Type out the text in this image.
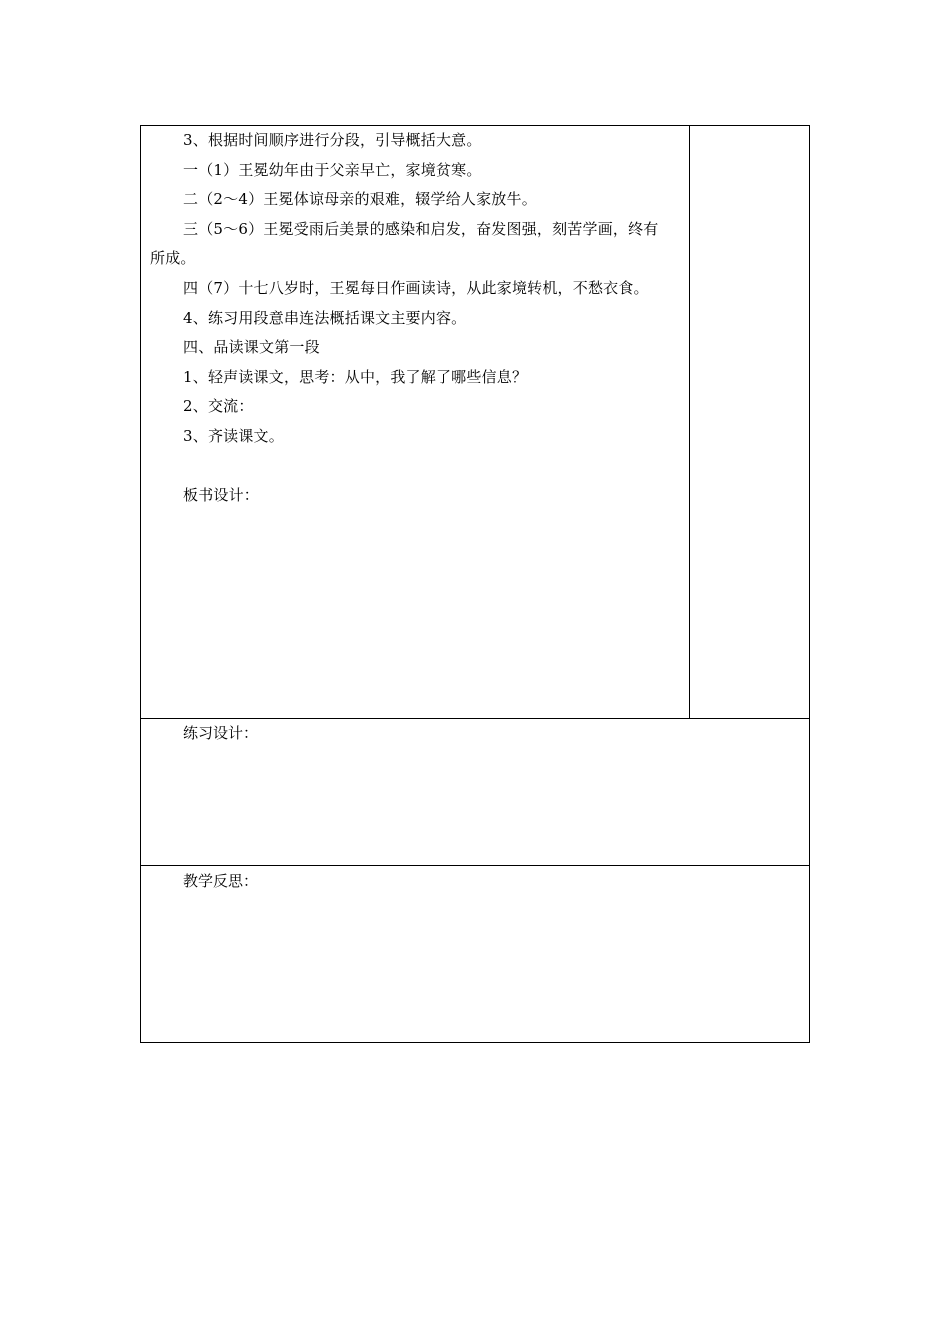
3、根据时间顺序进行分段，引导概括大意。
一（1）王冕幼年由于父亲早亡，家境贫寒。
二（2～4）王冕体谅母亲的艰难，辍学给人家放牛。
三（5～6）王冕受雨后美景的感染和启发，奋发图强，刻苦学画，终有
所成。
四（7）十七八岁时，王冕每日作画读诗，从此家境转机，不愁衣食。
4、练习用段意串连法概括课文主要内容。
四、品读课文第一段
1、轻声读课文，思考：从中，我了解了哪些信息？
2、交流：
3、齐读课文。
板书设计：
练习设计：
教学反思：
